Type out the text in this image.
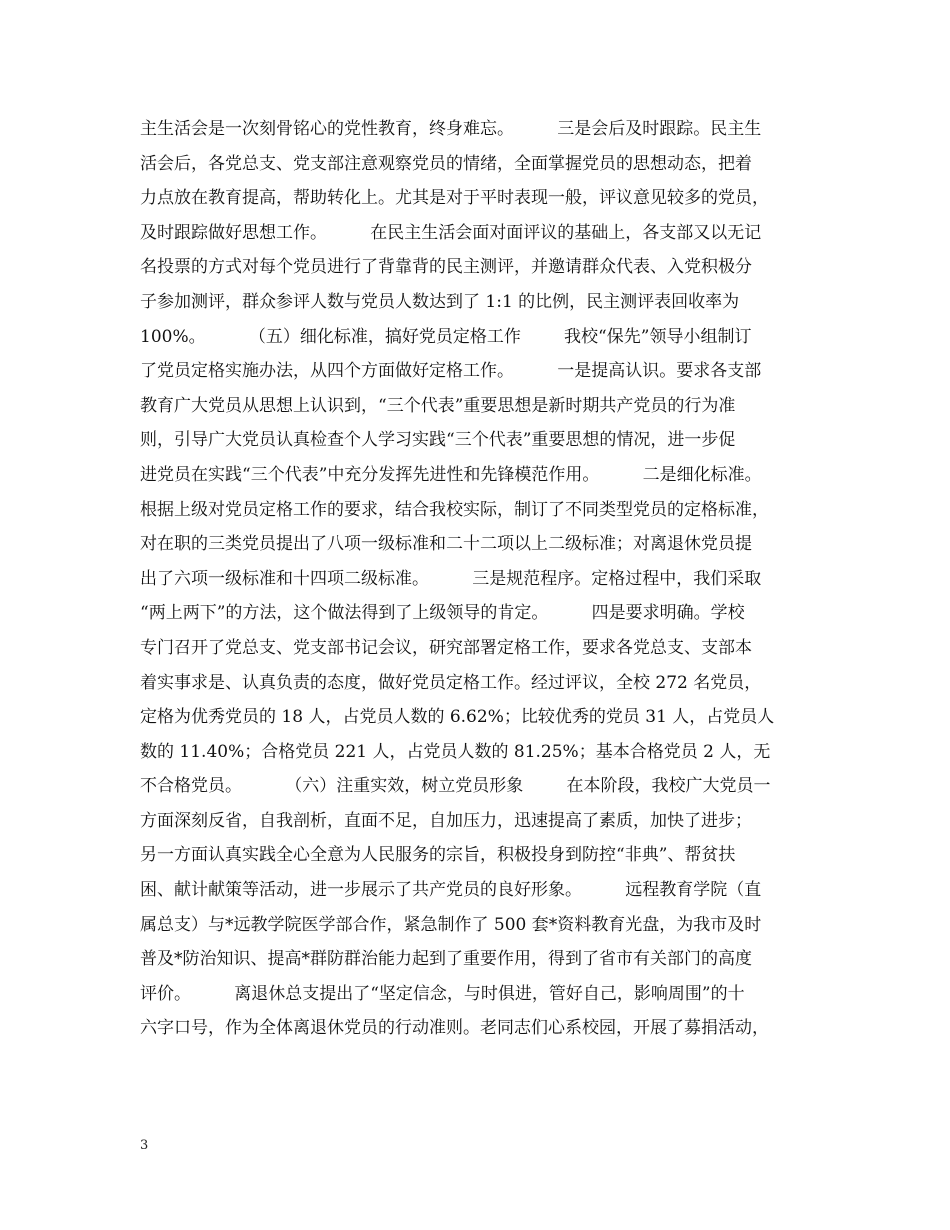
主生活会是一次刻骨铭心的党性教育，终身难忘。        三是会后及时跟踪。民主生
活会后，各党总支、党支部注意观察党员的情绪，全面掌握党员的思想动态，把着
力点放在教育提高，帮助转化上。尤其是对于平时表现一般，评议意见较多的党员，
及时跟踪做好思想工作。        在民主生活会面对面评议的基础上，各支部又以无记
名投票的方式对每个党员进行了背靠背的民主测评，并邀请群众代表、入党积极分
子参加测评，群众参评人数与党员人数达到了 1:1 的比例，民主测评表回收率为
100%。        （五）细化标准，搞好党员定格工作        我校“保先”领导小组制订
了党员定格实施办法，从四个方面做好定格工作。        一是提高认识。要求各支部
教育广大党员从思想上认识到，“三个代表”重要思想是新时期共产党员的行为准
则，引导广大党员认真检查个人学习实践“三个代表”重要思想的情况，进一步促
进党员在实践“三个代表”中充分发挥先进性和先锋模范作用。        二是细化标准。
根据上级对党员定格工作的要求，结合我校实际，制订了不同类型党员的定格标准，
对在职的三类党员提出了八项一级标准和二十二项以上二级标准；对离退休党员提
出了六项一级标准和十四项二级标准。        三是规范程序。定格过程中，我们采取
“两上两下”的方法，这个做法得到了上级领导的肯定。        四是要求明确。学校
专门召开了党总支、党支部书记会议，研究部署定格工作，要求各党总支、支部本
着实事求是、认真负责的态度，做好党员定格工作。经过评议，全校 272 名党员，
定格为优秀党员的 18 人，占党员人数的 6.62%；比较优秀的党员 31 人，占党员人
数的 11.40%；合格党员 221 人，占党员人数的 81.25%；基本合格党员 2 人，无
不合格党员。        （六）注重实效，树立党员形象        在本阶段，我校广大党员一
方面深刻反省，自我剖析，直面不足，自加压力，迅速提高了素质，加快了进步；
另一方面认真实践全心全意为人民服务的宗旨，积极投身到防控“非典”、帮贫扶
困、献计献策等活动，进一步展示了共产党员的良好形象。        远程教育学院（直
属总支）与*远教学院医学部合作，紧急制作了 500 套*资料教育光盘，为我市及时
普及*防治知识、提高*群防群治能力起到了重要作用，得到了省市有关部门的高度
评价。        离退休总支提出了“坚定信念，与时俱进，管好自己，影响周围”的十
六字口号，作为全体离退休党员的行动准则。老同志们心系校园，开展了募捐活动，
3
